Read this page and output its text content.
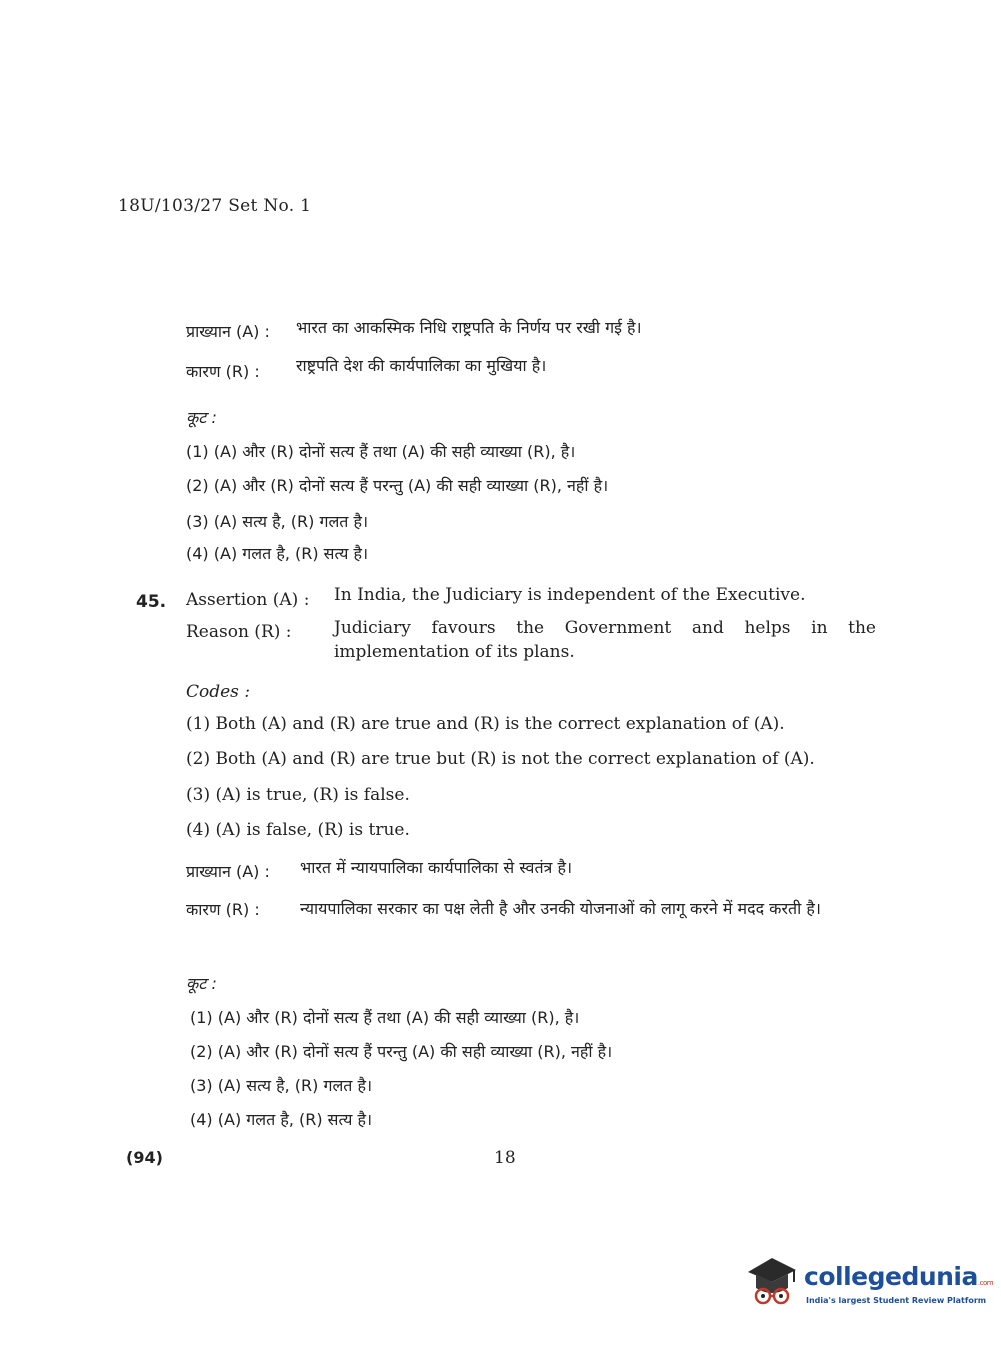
18U/103/27 Set No. 1
प्राख्यान (A) : भारत का आकस्मिक निधि राष्ट्रपति के निर्णय पर रखी गई है।
कारण (R) : राष्ट्रपति देश की कार्यपालिका का मुखिया है।
कूट :
(1) (A) और (R) दोनों सत्य हैं तथा (A) की सही व्याख्या (R), है।
(2) (A) और (R) दोनों सत्य हैं परन्तु (A) की सही व्याख्या (R), नहीं है।
(3) (A) सत्य है, (R) गलत है।
(4) (A) गलत है, (R) सत्य है।
45. Assertion (A) : In India, the Judiciary is independent of the Executive.
Reason (R) : Judiciary favours the Government and helps in the implementation of its plans.
Codes :
(1) Both (A) and (R) are true and (R) is the correct explanation of (A).
(2) Both (A) and (R) are true but (R) is not the correct explanation of (A).
(3) (A) is true, (R) is false.
(4) (A) is false, (R) is true.
प्राख्यान (A) : भारत में न्यायपालिका कार्यपालिका से स्वतंत्र है।
कारण (R) :	न्यायपालिका सरकार का पक्ष लेती है और उनकी योजनाओं को लागू करने में मदद करती है।
कूट :
(1) (A) और (R) दोनों सत्य हैं तथा (A) की सही व्याख्या (R), है।
(2) (A) और (R) दोनों सत्य हैं परन्तु (A) की सही व्याख्या (R), नहीं है।
(3) (A) सत्य है, (R) गलत है।
(4) (A) गलत है, (R) सत्य है।
(94)	18
collegedunia.com
India's largest Student Review Platform
